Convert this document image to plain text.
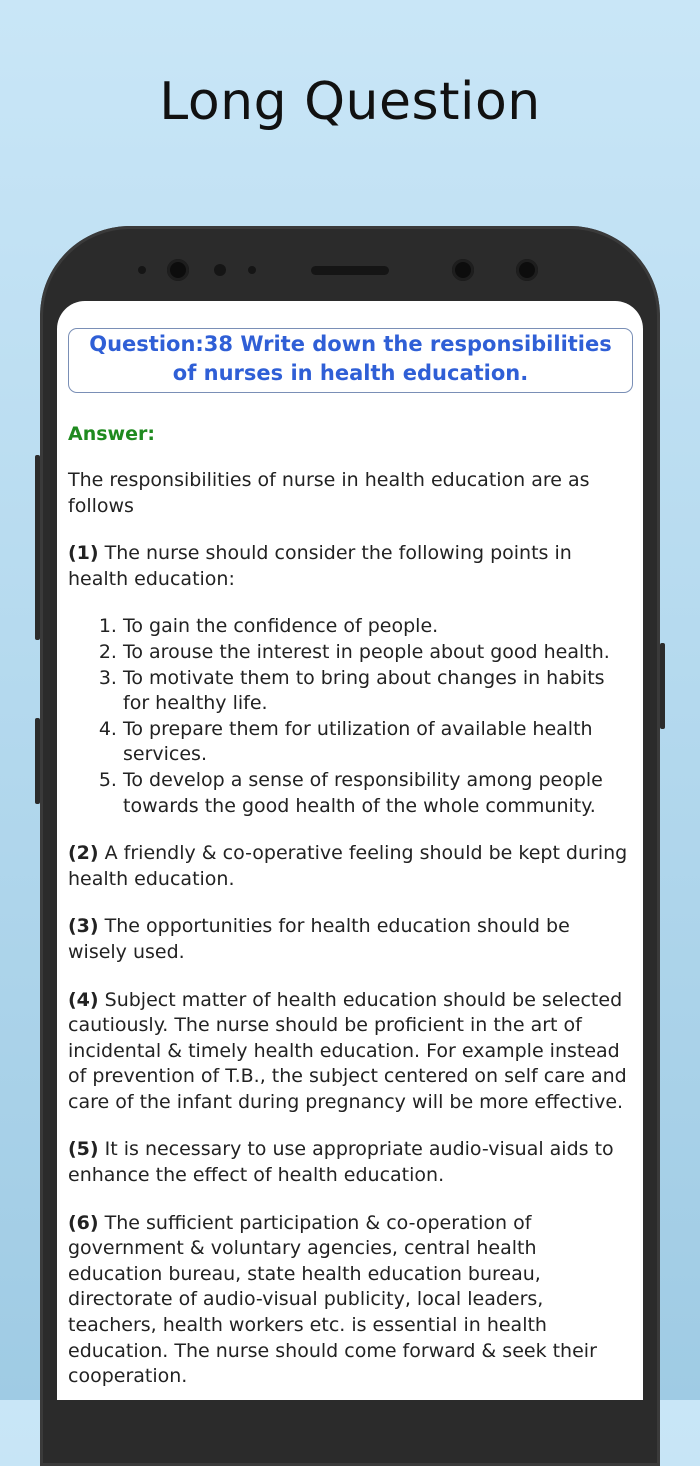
Long Question
Question:38 Write down the responsibilities of nurses in health education.
Answer:

The responsibilities of nurse in health education are as follows

(1) The nurse should consider the following points in health education:

1. To gain the confidence of people.
2. To arouse the interest in people about good health.
3. To motivate them to bring about changes in habits for healthy life.
4. To prepare them for utilization of available health services.
5. To develop a sense of responsibility among people towards the good health of the whole community.

(2) A friendly & co-operative feeling should be kept during health education.

(3) The opportunities for health education should be wisely used.

(4) Subject matter of health education should be selected cautiously. The nurse should be proficient in the art of incidental & timely health education. For example instead of prevention of T.B., the subject centered on self care and care of the infant during pregnancy will be more effective.

(5) It is necessary to use appropriate audio-visual aids to enhance the effect of health education.

(6) The sufficient participation & co-operation of government & voluntary agencies, central health education bureau, state health education bureau, directorate of audio-visual publicity, local leaders, teachers, health workers etc. is essential in health education. The nurse should come forward & seek their cooperation.
